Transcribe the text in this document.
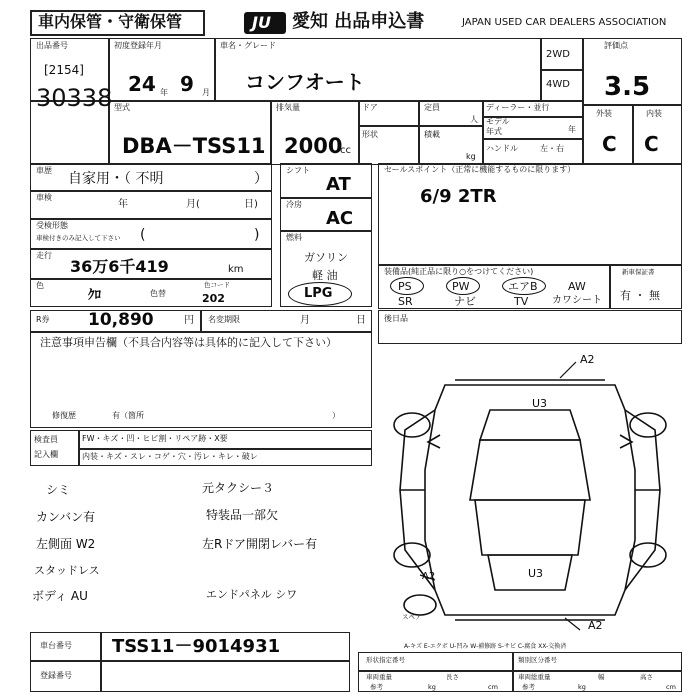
車内保管・守衛保管	JU 愛知 出品申込書	JAPAN USED CAR DEALERS ASSOCIATION
出品番号
[2154]
30338
初度登録年月
24 年 9 月
車名・グレード
コンフオート
2WD
4WD
評価点
3.5
外装	内装
C C
型式
DBA－TSS11
排気量
2000
cc
ドア	定員
人
形状	積載
kg
ディーラー・並行
モデル
年式	年
ハンドル	左・右
車歴
自家用・（ 不明	）
車検
年	月(	日)
受検形態
車検付きのみ記入して下さい (	)
走行
36万6千419	km
色
ｸﾛ	色替
色コード
202
シフト
AT
冷房
AC
燃料
ガソリン
軽 油
LPG
セールスポイント（正常に機能するものに限ります）
6/9 2TR
装備品(純正品に限り○をつけてください)
PS	PW	エアB	AW
SR	ナビ	TV カワシート
新車保証書
有 ・ 無
R券 10,890	円 名変期限	月	日 後日品
注意事項申告欄（不具合内容等は具体的に記入して下さい）
修復歴	有（箇所	）
検査員
記入欄
FW・キズ・凹・ヒビ割・リペア跡・X要
内装・キズ・スレ・コゲ・穴・汚レ・キレ・破レ
シミ	元タクシー３
カンバン有	特装品一部欠
左側面 W2	左Rドア開閉レバー有
スタッドレス
ボディ AU	エンドパネル シワ
A2
U3
A2	U3
A2
スペア
A-キズ E-エクボ U-凹み W-補修跡 S-サビ C-腐食 XX-交換済
車台番号 TSS11－9014931
登録番号
形状指定番号	類別区分番号
車両重量
参考	kg
長さ
cm
車両総重量
参考	kg
幅	高さ
cm
